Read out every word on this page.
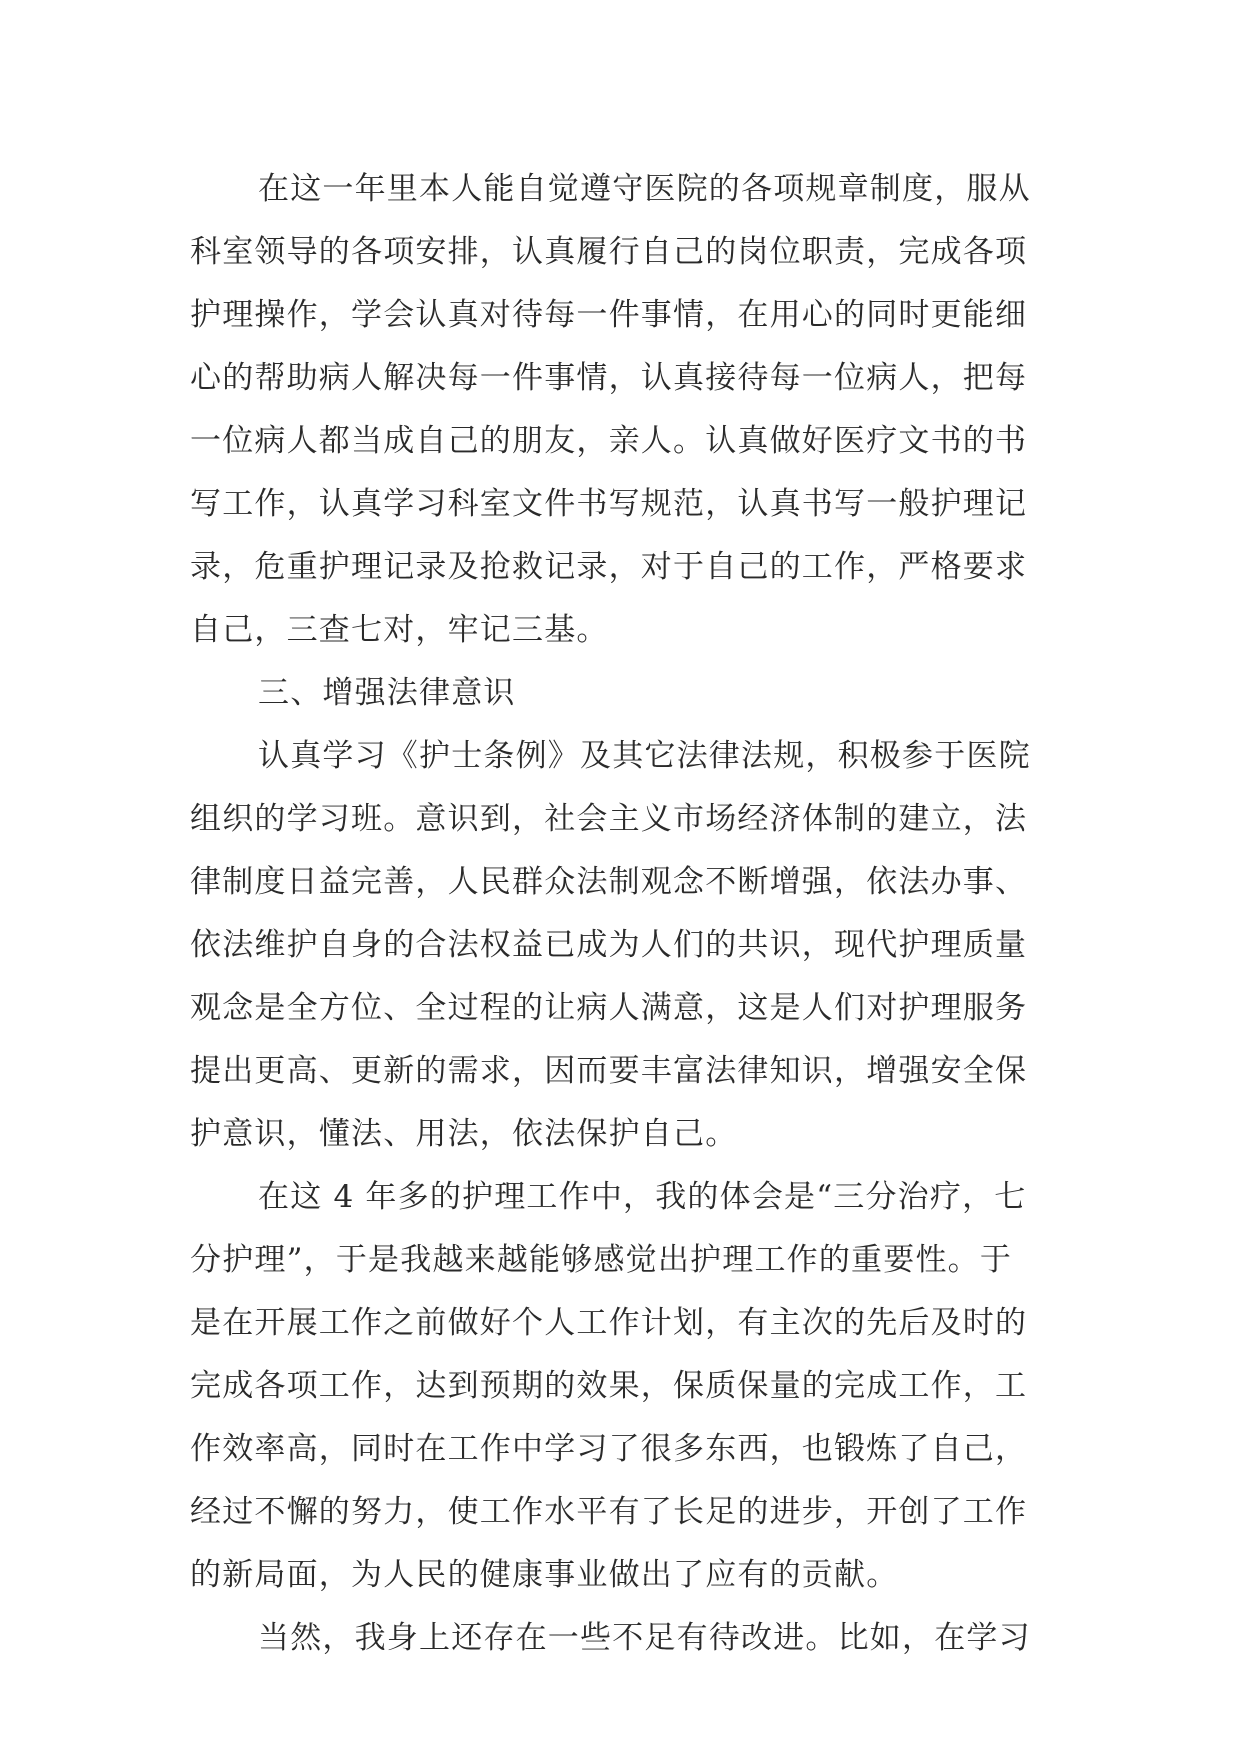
在这一年里本人能自觉遵守医院的各项规章制度，服从
科室领导的各项安排，认真履行自己的岗位职责，完成各项
护理操作，学会认真对待每一件事情，在用心的同时更能细
心的帮助病人解决每一件事情，认真接待每一位病人，把每
一位病人都当成自己的朋友，亲人。认真做好医疗文书的书
写工作，认真学习科室文件书写规范，认真书写一般护理记
录，危重护理记录及抢救记录，对于自己的工作，严格要求
自己，三查七对，牢记三基。
三、增强法律意识
认真学习《护士条例》及其它法律法规，积极参于医院
组织的学习班。意识到，社会主义市场经济体制的建立，法
律制度日益完善，人民群众法制观念不断增强，依法办事、
依法维护自身的合法权益已成为人们的共识，现代护理质量
观念是全方位、全过程的让病人满意，这是人们对护理服务
提出更高、更新的需求，因而要丰富法律知识，增强安全保
护意识，懂法、用法，依法保护自己。
在这 4 年多的护理工作中，我的体会是“三分治疗，七
分护理”，于是我越来越能够感觉出护理工作的重要性。于
是在开展工作之前做好个人工作计划，有主次的先后及时的
完成各项工作，达到预期的效果，保质保量的完成工作，工
作效率高，同时在工作中学习了很多东西，也锻炼了自己，
经过不懈的努力，使工作水平有了长足的进步，开创了工作
的新局面，为人民的健康事业做出了应有的贡献。
当然，我身上还存在一些不足有待改进。比如，在学习
